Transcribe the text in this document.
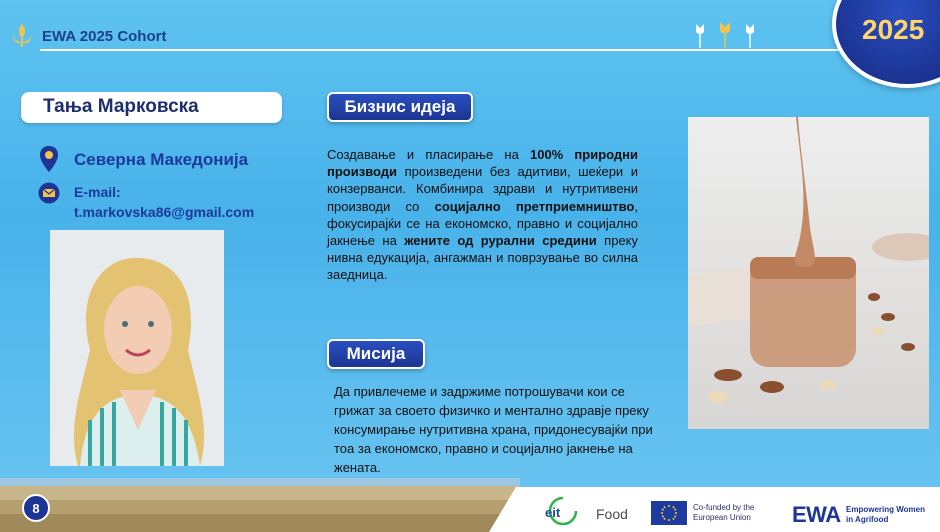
EWA 2025 Cohort	2025
Тања Марковска
Северна Македонија
E-mail:
t.markovska86@gmail.com
Бизнис идеја
Создавање и пласирање на 100% природни производи произведени без адитиви, шеќери и конзерванси. Комбинира здрави и нутритивени производи со социјално претприемништво, фокусирајќи се на економско, правно и социјално јакнење на жените од рурални средини преку нивна едукација, ангажман и поврзување во силна заедница.
Мисија
Да привлечеме и задржиме потрошувачи кои се грижат за своето физичко и ментално здравје преку консумирање нутритивна храна, придонесувајќи при тоа за економско, правно и социјално јакнење на жената.
8	eit	Food	Co-funded by the European Union	EWA Empowering Women in Agrifood
